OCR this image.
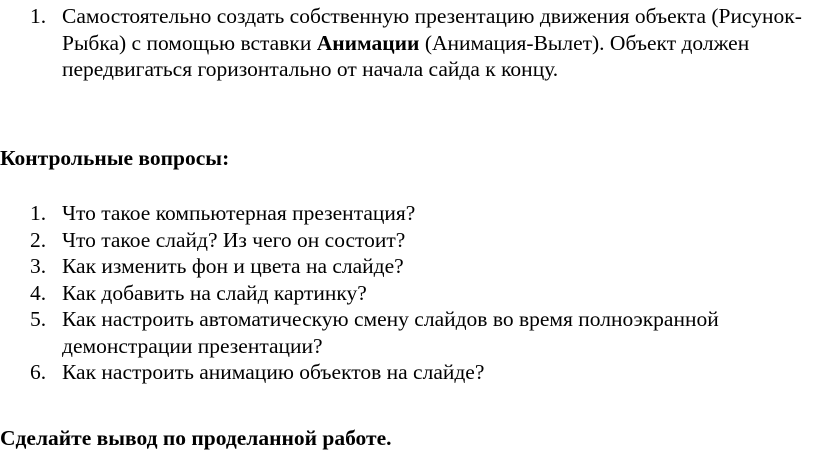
1. Самостоятельно создать собственную презентацию движения объекта (Рисунок-Рыбка) с помощью вставки Анимации (Анимация-Вылет). Объект должен передвигаться горизонтально от начала сайда к концу.

Контрольные вопросы:

1. Что такое компьютерная презентация?
2. Что такое слайд? Из чего он состоит?
3. Как изменить фон и цвета на слайде?
4. Как добавить на слайд картинку?
5. Как настроить автоматическую смену слайдов во время полноэкранной демонстрации презентации?
6. Как настроить анимацию объектов на слайде?

Сделайте вывод по проделанной работе.
